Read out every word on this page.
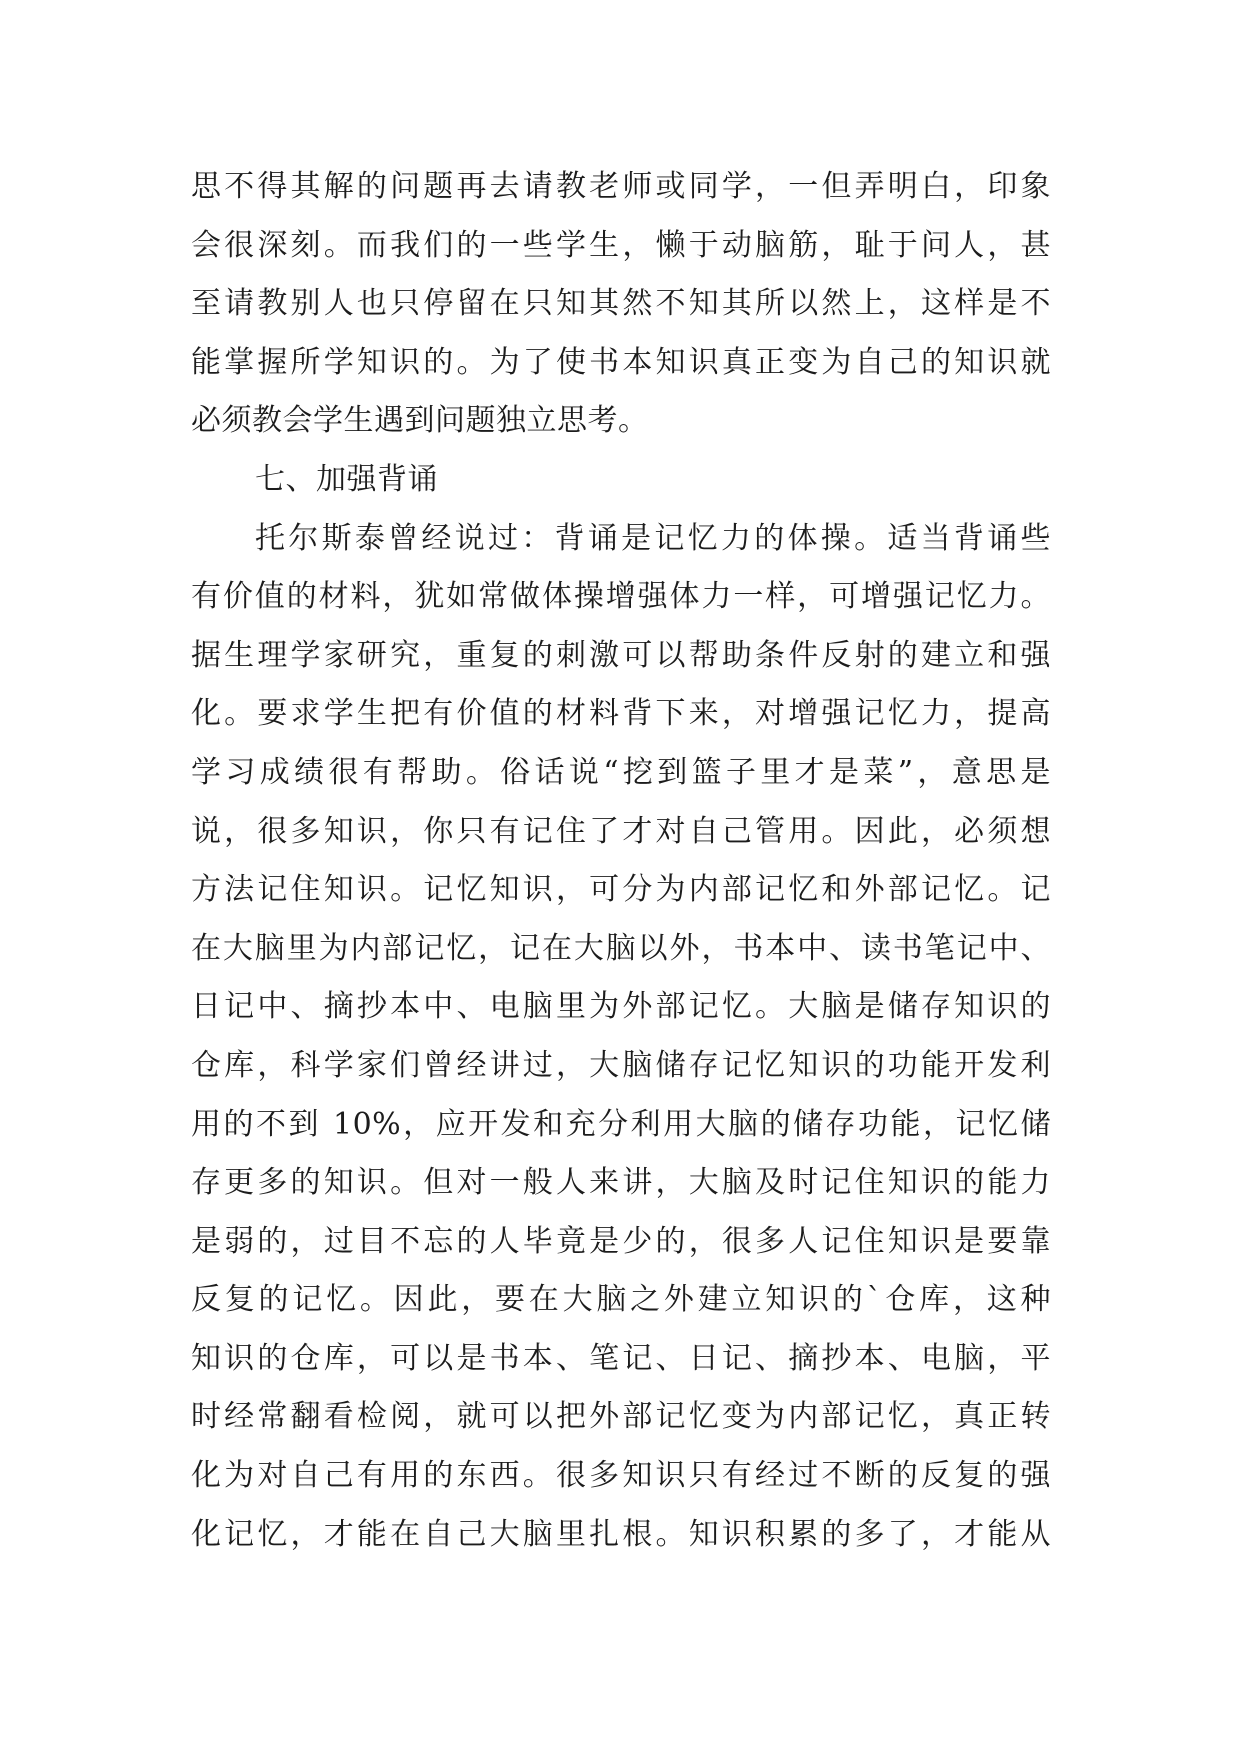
思不得其解的问题再去请教老师或同学，一但弄明白，印象
会很深刻。而我们的一些学生，懒于动脑筋，耻于问人，甚
至请教别人也只停留在只知其然不知其所以然上，这样是不
能掌握所学知识的。为了使书本知识真正变为自己的知识就
必须教会学生遇到问题独立思考。
七、加强背诵
托尔斯泰曾经说过：背诵是记忆力的体操。适当背诵些
有价值的材料，犹如常做体操增强体力一样，可增强记忆力。
据生理学家研究，重复的刺激可以帮助条件反射的建立和强
化。要求学生把有价值的材料背下来，对增强记忆力，提高
学习成绩很有帮助。俗话说“挖到篮子里才是菜”，意思是
说，很多知识，你只有记住了才对自己管用。因此，必须想
方法记住知识。记忆知识，可分为内部记忆和外部记忆。记
在大脑里为内部记忆，记在大脑以外，书本中、读书笔记中、
日记中、摘抄本中、电脑里为外部记忆。大脑是储存知识的
仓库，科学家们曾经讲过，大脑储存记忆知识的功能开发利
用的不到 10%，应开发和充分利用大脑的储存功能，记忆储
存更多的知识。但对一般人来讲，大脑及时记住知识的能力
是弱的，过目不忘的人毕竟是少的，很多人记住知识是要靠
反复的记忆。因此，要在大脑之外建立知识的`仓库，这种
知识的仓库，可以是书本、笔记、日记、摘抄本、电脑，平
时经常翻看检阅，就可以把外部记忆变为内部记忆，真正转
化为对自己有用的东西。很多知识只有经过不断的反复的强
化记忆，才能在自己大脑里扎根。知识积累的多了，才能从
